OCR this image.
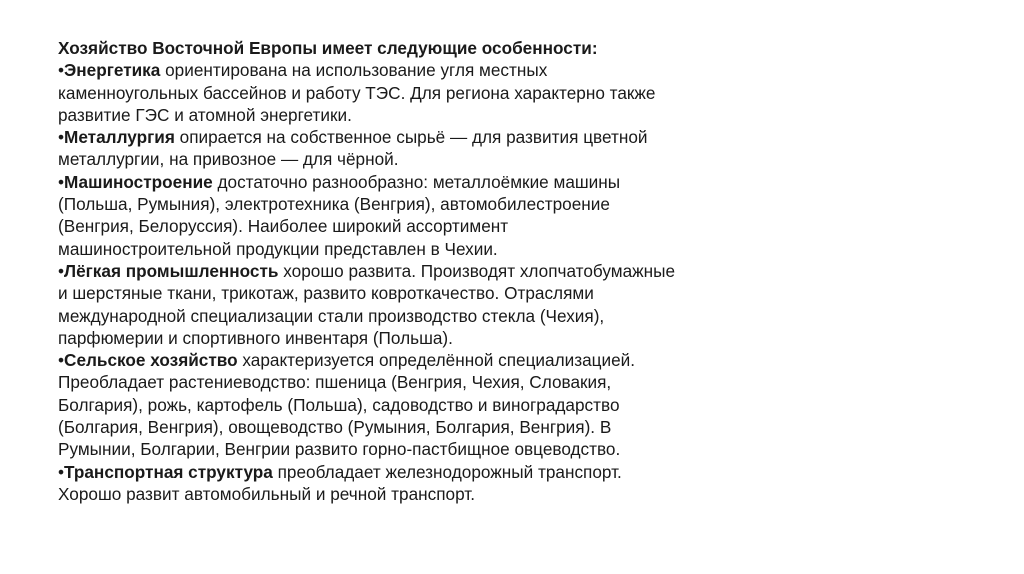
Хозяйство Восточной Европы имеет следующие особенности:
•Энергетика ориентирована на использование угля местных
каменноугольных бассейнов и работу ТЭС. Для региона характерно также
развитие ГЭС и атомной энергетики.
•Металлургия опирается на собственное сырьё — для развития цветной
металлургии, на привозное — для чёрной.
•Машиностроение достаточно разнообразно: металлоёмкие машины
(Польша, Румыния), электротехника (Венгрия), автомобилестроение
(Венгрия, Белоруссия). Наиболее широкий ассортимент
машиностроительной продукции представлен в Чехии.
•Лёгкая промышленность хорошо развита. Производят хлопчатобумажные
и шерстяные ткани, трикотаж, развито ковроткачество. Отраслями
международной специализации стали производство стекла (Чехия),
парфюмерии и спортивного инвентаря (Польша).
•Сельское хозяйство характеризуется определённой специализацией.
Преобладает растениеводство: пшеница (Венгрия, Чехия, Словакия,
Болгария), рожь, картофель (Польша), садоводство и виноградарство
(Болгария, Венгрия), овощеводство (Румыния, Болгария, Венгрия). В
Румынии, Болгарии, Венгрии развито горно-пастбищное овцеводство.
•Транспортная структура преобладает железнодорожный транспорт.
Хорошо развит автомобильный и речной транспорт.
